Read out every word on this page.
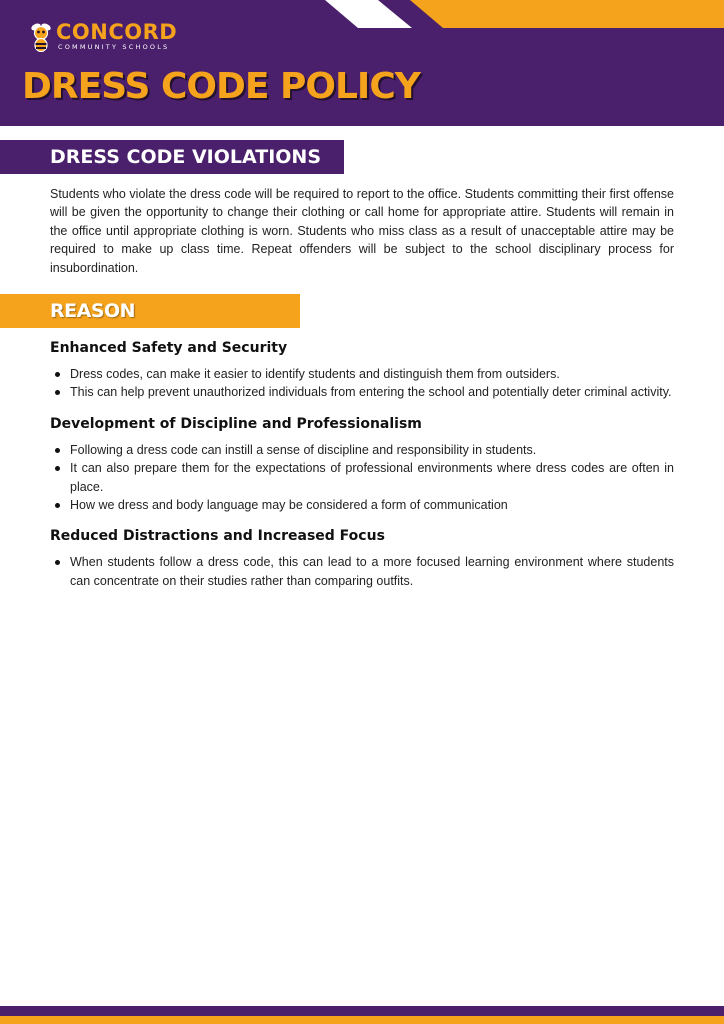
CONCORD
COMMUNITY SCHOOLS
DRESS CODE POLICY
DRESS CODE VIOLATIONS

Students who violate the dress code will be required to report to the office. Students committing their first offense will be given the opportunity to change their clothing or call home for appropriate attire. Students will remain in the office until appropriate clothing is worn. Students who miss class as a result of unacceptable attire may be required to make up class time. Repeat offenders will be subject to the school disciplinary process for insubordination.

REASON
Enhanced Safety and Security
Dress codes, can make it easier to identify students and distinguish them from outsiders.
This can help prevent unauthorized individuals from entering the school and potentially deter criminal activity.
Development of Discipline and Professionalism
Following a dress code can instill a sense of discipline and responsibility in students.
It can also prepare them for the expectations of professional environments where dress codes are often in place.
How we dress and body language may be considered a form of communication
Reduced Distractions and Increased Focus
When students follow a dress code, this can lead to a more focused learning environment where students can concentrate on their studies rather than comparing outfits.
